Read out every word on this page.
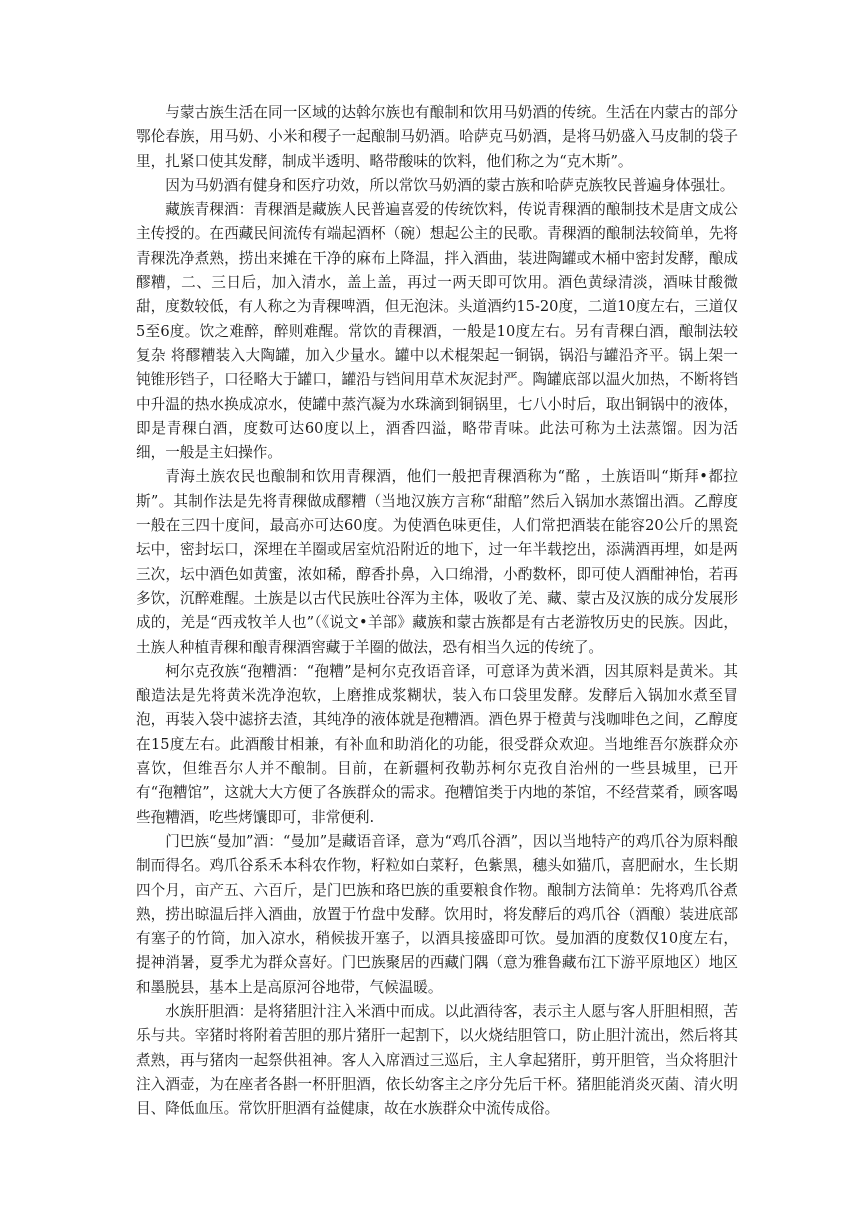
与蒙古族生活在同一区域的达斡尔族也有酿制和饮用马奶酒的传统。生活在内蒙古的部分鄂伦春族，用马奶、小米和稷子一起酿制马奶酒。哈萨克马奶酒，是将马奶盛入马皮制的袋子里，扎紧口使其发酵，制成半透明、略带酸味的饮料，他们称之为“克木斯”。

因为马奶酒有健身和医疗功效，所以常饮马奶酒的蒙古族和哈萨克族牧民普遍身体强壮。

藏族青稞酒：青稞酒是藏族人民普遍喜爱的传统饮料，传说青稞酒的酿制技术是唐文成公主传授的。在西藏民间流传有端起酒杯（碗）想起公主的民歌。青稞酒的酿制法较简单，先将青稞洗净煮熟，捞出来摊在干净的麻布上降温，拌入酒曲，装进陶罐或木桶中密封发酵，酿成醪糟，二、三日后，加入清水，盖上盖，再过一两天即可饮用。酒色黄绿清淡，酒味甘酸微甜，度数较低，有人称之为青稞啤酒，但无泡沫。头道酒约15-20度，二道10度左右，三道仅5至6度。饮之难醉，醉则难醒。常饮的青稞酒，一般是10度左右。另有青稞白酒，酿制法较复杂 将醪糟装入大陶罐，加入少量水。罐中以术棍架起一铜锅，锅沿与罐沿齐平。锅上架一钝锥形铛子，口径略大于罐口，罐沿与铛间用草术灰泥封严。陶罐底部以温火加热，不断将铛中升温的热水换成凉水，使罐中蒸汽凝为水珠滴到铜锅里，七八小时后，取出铜锅中的液体，即是青稞白酒，度数可达60度以上，酒香四溢，略带青味。此法可称为土法蒸馏。因为活细，一般是主妇操作。

青海土族农民也酿制和饮用青稞酒，他们一般把青稞酒称为“酩 ，土族语叫“斯拜•都拉斯”。其制作法是先将青稞做成醪糟（当地汉族方言称“甜醅”然后入锅加水蒸馏出酒。乙醇度一般在三四十度间，最高亦可达60度。为使酒色味更佳，人们常把酒装在能容20公斤的黑瓷坛中，密封坛口，深埋在羊圈或居室炕沿附近的地下，过一年半载挖出，添满酒再埋，如是两三次，坛中酒色如黄蜜，浓如稀，醇香扑鼻，入口绵滑，小酌数杯，即可使人酒酣神怡，若再多饮，沉醉难醒。土族是以古代民族吐谷浑为主体，吸收了羌、藏、蒙古及汉族的成分发展形成的，羌是“西戎牧羊人也”（《说文•羊部》藏族和蒙古族都是有古老游牧历史的民族。因此，土族人种植青稞和酿青稞酒窖藏于羊圈的做法，恐有相当久远的传统了。

柯尔克孜族“孢糟酒：“孢糟”是柯尔克孜语音译，可意译为黄米酒，因其原料是黄米。其酿造法是先将黄米洗净泡软，上磨推成浆糊状，装入布口袋里发酵。发酵后入锅加水煮至冒泡，再装入袋中滤挤去渣，其纯净的液体就是孢糟酒。酒色界于橙黄与浅咖啡色之间，乙醇度在15度左右。此酒酸甘相兼，有补血和助消化的功能，很受群众欢迎。当地维吾尔族群众亦喜饮，但维吾尔人并不酿制。目前，在新疆柯孜勒苏柯尔克孜自治州的一些县城里，已开有“孢糟馆”，这就大大方便了各族群众的需求。孢糟馆类于内地的茶馆，不经营菜肴，顾客喝些孢糟酒，吃些烤馕即可，非常便利.

门巴族“曼加”酒：“曼加”是藏语音译，意为“鸡爪谷酒”，因以当地特产的鸡爪谷为原料酿制而得名。鸡爪谷系禾本科农作物，籽粒如白菜籽，色紫黑，穗头如猫爪，喜肥耐水，生长期四个月，亩产五、六百斤，是门巴族和珞巴族的重要粮食作物。酿制方法简单：先将鸡爪谷煮熟，捞出晾温后拌入酒曲，放置于竹盘中发酵。饮用时，将发酵后的鸡爪谷（酒酿）装进底部有塞子的竹筒，加入凉水，稍候拔开塞子，以酒具接盛即可饮。曼加酒的度数仅10度左右，提神消暑，夏季尤为群众喜好。门巴族聚居的西藏门隅（意为雅鲁藏布江下游平原地区）地区和墨脱县，基本上是高原河谷地带，气候温暖。

水族肝胆酒：是将猪胆汁注入米酒中而成。以此酒待客，表示主人愿与客人肝胆相照，苦乐与共。宰猪时将附着苦胆的那片猪肝一起割下，以火烧结胆管口，防止胆汁流出，然后将其煮熟，再与猪肉一起祭供祖神。客人入席酒过三巡后，主人拿起猪肝，剪开胆管，当众将胆汁注入酒壶，为在座者各斟一杯肝胆酒，依长幼客主之序分先后干杯。猪胆能消炎灭菌、清火明目、降低血压。常饮肝胆酒有益健康，故在水族群众中流传成俗。
